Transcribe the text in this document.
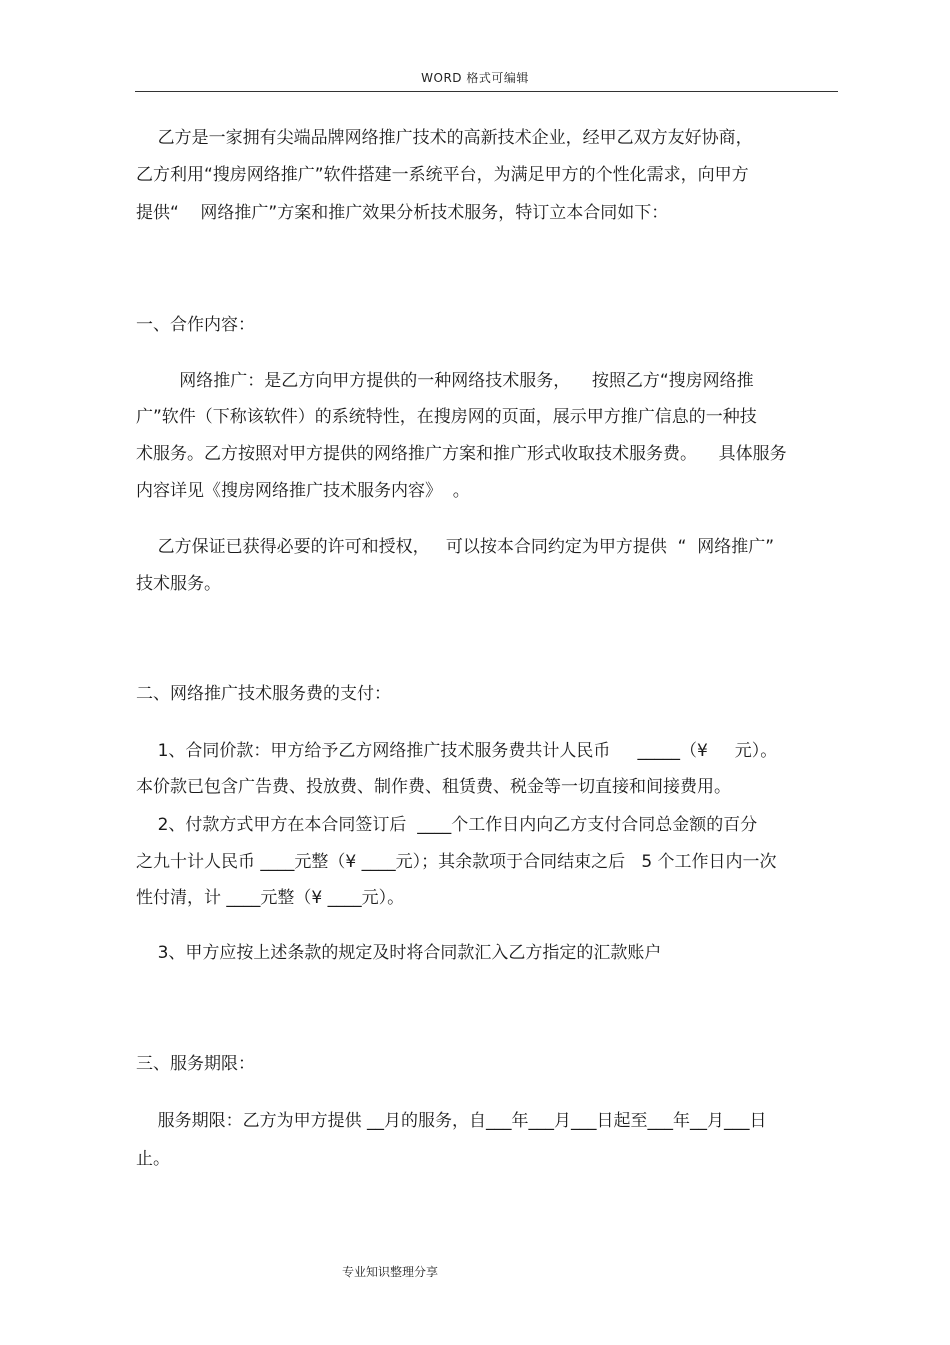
WORD 格式可编辑
乙方是一家拥有尖端品牌网络推广技术的高新技术企业，经甲乙双方友好协商，
乙方利用“搜房网络推广”软件搭建一系统平台，为满足甲方的个性化需求，向甲方
提供“    网络推广”方案和推广效果分析技术服务，特订立本合同如下：
一、合作内容：
网络推广：是乙方向甲方提供的一种网络技术服务，    按照乙方“搜房网络推
广”软件（下称该软件）的系统特性，在搜房网的页面，展示甲方推广信息的一种技
术服务。乙方按照对甲方提供的网络推广方案和推广形式收取技术服务费。    具体服务
内容详见《搜房网络推广技术服务内容》  。
乙方保证已获得必要的许可和授权，   可以按本合同约定为甲方提供  “  网络推广”
技术服务。
二、网络推广技术服务费的支付：
1、合同价款：甲方给予乙方网络推广技术服务费共计人民币     _____（¥     元）。
本价款已包含广告费、投放费、制作费、租赁费、税金等一切直接和间接费用。
2、付款方式甲方在本合同签订后  ____个工作日内向乙方支付合同总金额的百分
之九十计人民币 ____元整（¥ ____元）；其余款项于合同结束之后   5 个工作日内一次
性付清，计 ____元整（¥ ____元）。
3、甲方应按上述条款的规定及时将合同款汇入乙方指定的汇款账户
三、服务期限：
服务期限：乙方为甲方提供 __月的服务，自___年___月___日起至___年__月___日
止。
专业知识整理分享
